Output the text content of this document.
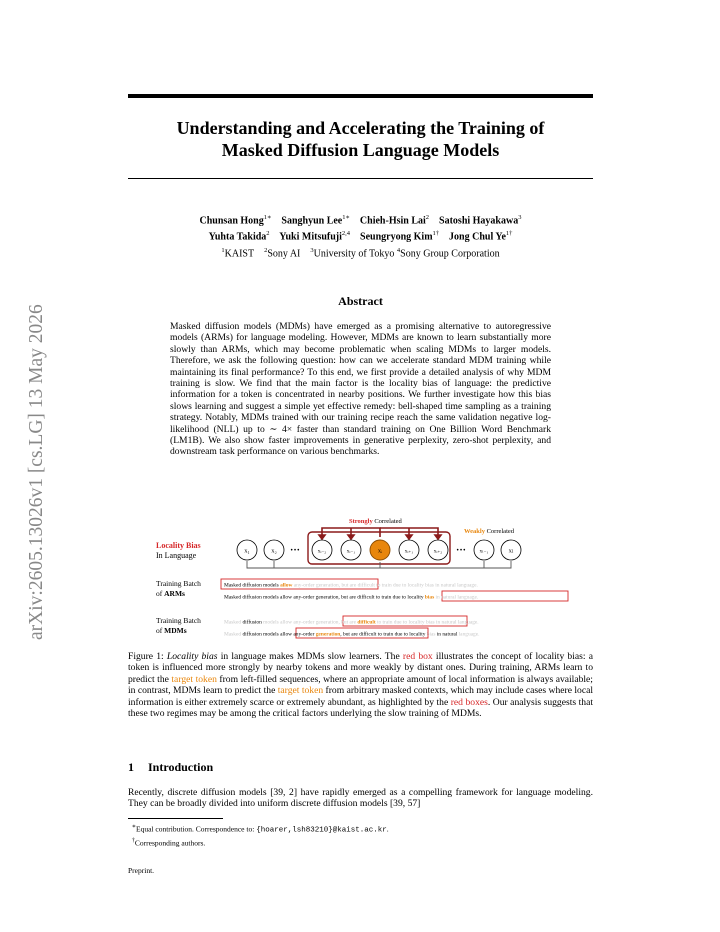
arXiv:2605.13026v1 [cs.LG] 13 May 2026
Understanding and Accelerating the Training of
Masked Diffusion Language Models
Chunsan Hong$^{1∗}$ Sanghyun Lee$^{1∗}$ Chieh-Hsin Lai$^2$ Satoshi Hayakawa$^3$
Yuhta Takida$^2$ Yuki Mitsufuji$^{2,4}$ Seungryong Kim$^{1\dagger}$ Jong Chul $Ye^{1\dagger}$
$^1$KAIST $^2$Sony AI $^3$University of Tokyo $^4$Sony Group Corporation
Abstract
Masked diffusion models (MDMs) have emerged as a promising alternative to autoregressive models (ARMs) for language modeling. However, MDMs are known to learn substantially more slowly than ARMs, which may become problematic when scaling MDMs to larger models. Therefore, we ask the following question: how can we accelerate standard MDM training while maintaining its final performance? To this end, we first provide a detailed analysis of why MDM training is slow. We find that the main factor is the locality bias of language: the predictive information for a token is concentrated in nearby positions. We further investigate how this bias slows learning and suggest a simple yet effective remedy: bell-shaped time sampling as a training strategy. Notably, MDMs trained with our training recipe reach the same validation negative log-likelihood (NLL) up to ∼ 4× faster than standard training on One Billion Word Benchmark (LM1B). We also show faster improvements in generative perplexity, zero-shot perplexity, and downstream task performance on various benchmarks.
Locality Bias
In Language
Strongly Correlated
Weakly Correlated
x₁	x₂ ···	xᵢ₋₂	xᵢ₋₁	xᵢ	xᵢ₊₁	xᵢ₊₂ ··· xₗ₋₁	xₗ
Training Batch
of ARMs
Masked diffusion models allow any-order generation, but are difficult to train due to locality bias in natural language.
Masked diffusion models allow any-order generation, but are difficult to train due to locality bias in natural language.
Training Batch
of MDMs
Masked diffusion models allow any-order generation, but are difficult to train due to locality bias in natural language.
Masked diffusion models allow any-order generation, but are difficult to train due to locality bias in natural language.
Figure 1: Locality bias in language makes MDMs slow learners. The red box illustrates the concept of locality bias: a token is influenced more strongly by nearby tokens and more weakly by distant ones. During training, ARMs learn to predict the target token from left-filled sequences, where an appropriate amount of local information is always available; in contrast, MDMs learn to predict the target token from arbitrary masked contexts, which may include cases where local information is either extremely scarce or extremely abundant, as highlighted by the red boxes. Our analysis suggests that these two regimes may be among the critical factors underlying the slow training of MDMs.
1 Introduction
Recently, discrete diffusion models [39, 2] have rapidly emerged as a compelling framework for language modeling. They can be broadly divided into uniform discrete diffusion models [39, 57]
∗Equal contribution. Correspondence to: {hoarer,lsh83210}@kaist.ac.kr.
†Corresponding authors.
Preprint.
